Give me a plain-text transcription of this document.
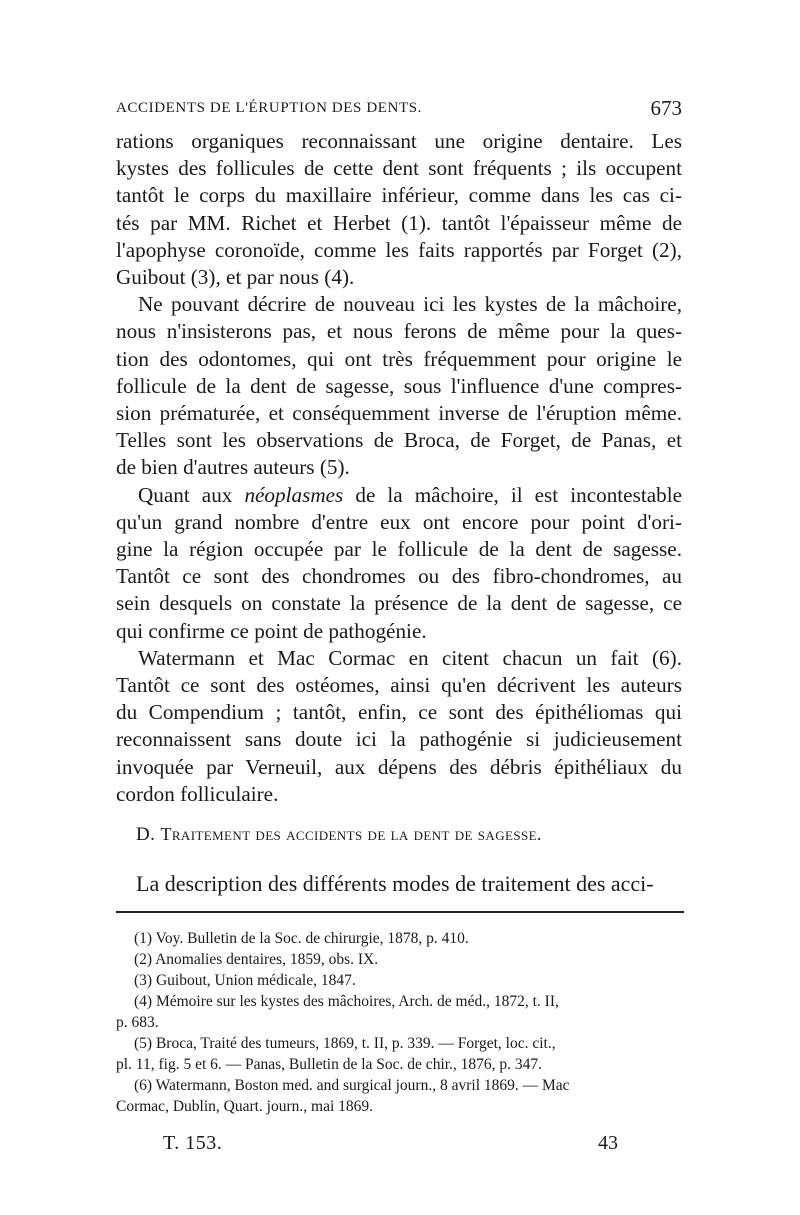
ACCIDENTS DE L'ÉRUPTION DES DENTS.	673
rations organiques reconnaissant une origine dentaire. Les
kystes des follicules de cette dent sont fréquents ; ils occupent
tantôt le corps du maxillaire inférieur, comme dans les cas ci-
tés par MM. Richet et Herbet (1). tantôt l'épaisseur même de
l'apophyse coronoïde, comme les faits rapportés par Forget (2),
Guibout (3), et par nous (4).
Ne pouvant décrire de nouveau ici les kystes de la mâchoire,
nous n'insisterons pas, et nous ferons de même pour la ques-
tion des odontomes, qui ont très fréquemment pour origine le
follicule de la dent de sagesse, sous l'influence d'une compres-
sion prématurée, et conséquemment inverse de l'éruption même.
Telles sont les observations de Broca, de Forget, de Panas, et
de bien d'autres auteurs (5).
Quant aux néoplasmes de la mâchoire, il est incontestable
qu'un grand nombre d'entre eux ont encore pour point d'ori-
gine la région occupée par le follicule de la dent de sagesse.
Tantôt ce sont des chondromes ou des fibro-chondromes, au
sein desquels on constate la présence de la dent de sagesse, ce
qui confirme ce point de pathogénie.
Watermann et Mac Cormac en citent chacun un fait (6).
Tantôt ce sont des ostéomes, ainsi qu'en décrivent les auteurs
du Compendium ; tantôt, enfin, ce sont des épithéliomas qui
reconnaissent sans doute ici la pathogénie si judicieusement
invoquée par Verneuil, aux dépens des débris épithéliaux du
cordon folliculaire.
D. Traitement des accidents de la dent de sagesse.
La description des différents modes de traitement des acci-
(1) Voy. Bulletin de la Soc. de chirurgie, 1878, p. 410.
(2) Anomalies dentaires, 1859, obs. IX.
(3) Guibout, Union médicale, 1847.
(4) Mémoire sur les kystes des mâchoires, Arch. de méd., 1872, t. II,
p. 683.
(5) Broca, Traité des tumeurs, 1869, t. II, p. 339. — Forget, loc. cit.,
pl. 11, fig. 5 et 6. — Panas, Bulletin de la Soc. de chir., 1876, p. 347.
(6) Watermann, Boston med. and surgical journ., 8 avril 1869. — Mac
Cormac, Dublin, Quart. journ., mai 1869.
T. 153.	43
